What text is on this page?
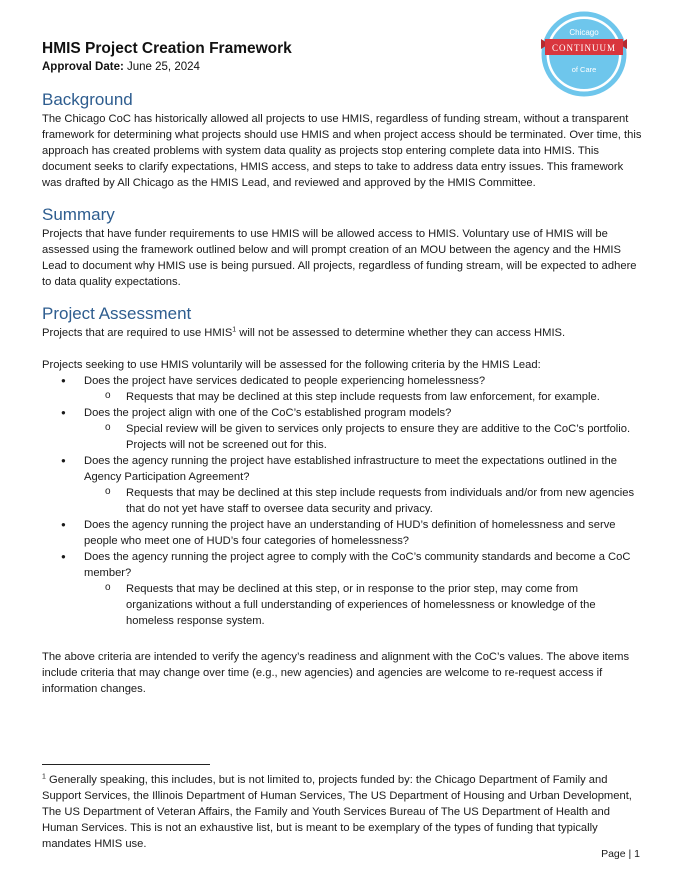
HMIS Project Creation Framework
Approval Date: June 25, 2024
Chicago
CONTINUUM
of Care
Background

The Chicago CoC has historically allowed all projects to use HMIS, regardless of funding stream, without a transparent framework for determining what projects should use HMIS and when project access should be terminated. Over time, this approach has created problems with system data quality as projects stop entering complete data into HMIS. This document seeks to clarify expectations, HMIS access, and steps to take to address data entry issues. This framework was drafted by All Chicago as the HMIS Lead, and reviewed and approved by the HMIS Committee.

Summary

Projects that have funder requirements to use HMIS will be allowed access to HMIS. Voluntary use of HMIS will be assessed using the framework outlined below and will prompt creation of an MOU between the agency and the HMIS Lead to document why HMIS use is being pursued. All projects, regardless of funding stream, will be expected to adhere to data quality expectations.

Project Assessment

Projects that are required to use HMIS$^1$ will not be assessed to determine whether they can access HMIS.

Projects seeking to use HMIS voluntarily will be assessed for the following criteria by the HMIS Lead:

● Does the project have services dedicated to people experiencing homelessness?
o Requests that may be declined at this step include requests from law enforcement, for example.
● Does the project align with one of the CoC’s established program models?
o Special review will be given to services only projects to ensure they are additive to the CoC’s portfolio. Projects will not be screened out for this.
● Does the agency running the project have established infrastructure to meet the expectations outlined in the Agency Participation Agreement?
o Requests that may be declined at this step include requests from individuals and/or from new agencies that do not yet have staff to oversee data security and privacy.
● Does the agency running the project have an understanding of HUD’s definition of homelessness and serve people who meet one of HUD’s four categories of homelessness?
● Does the agency running the project agree to comply with the CoC’s community standards and become a CoC member?
o Requests that may be declined at this step, or in response to the prior step, may come from organizations without a full understanding of experiences of homelessness or knowledge of the homeless response system.

The above criteria are intended to verify the agency’s readiness and alignment with the CoC’s values. The above items include criteria that may change over time (e.g., new agencies) and agencies are welcome to re-request access if information changes.

$^1$ Generally speaking, this includes, but is not limited to, projects funded by: the Chicago Department of Family and Support Services, the Illinois Department of Human Services, The US Department of Housing and Urban Development, The US Department of Veteran Affairs, the Family and Youth Services Bureau of The US Department of Health and Human Services. This is not an exhaustive list, but is meant to be exemplary of the types of funding that typically mandates HMIS use.
Page | 1
